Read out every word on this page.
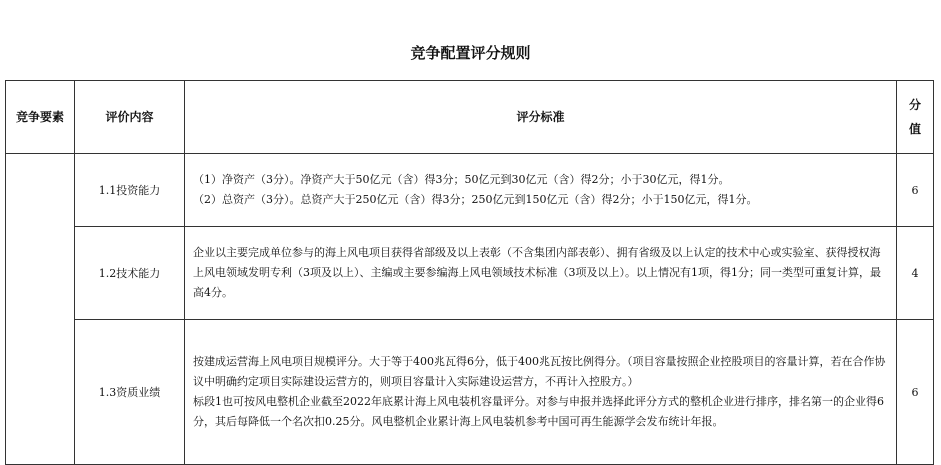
竞争配置评分规则
竞争要素	评价内容	评分标准	分值
	1.1投资能力	（1）净资产（3分）。净资产大于50亿元（含）得3分；50亿元到30亿元（含）得2分；小于30亿元，得1分。
（2）总资产（3分）。总资产大于250亿元（含）得3分；250亿元到150亿元（含）得2分；小于150亿元，得1分。	6
	1.2技术能力	企业以主要完成单位参与的海上风电项目获得省部级及以上表彰（不含集团内部表彰）、拥有省级及以上认定的技术中心或实验室、获得授权海上风电领域发明专利（3项及以上）、主编或主要参编海上风电领域技术标准（3项及以上）。以上情况有1项，得1分；同一类型可重复计算，最高4分。	4
	1.3资质业绩	按建成运营海上风电项目规模评分。大于等于400兆瓦得6分，低于400兆瓦按比例得分。（项目容量按照企业控股项目的容量计算，若在合作协议中明确约定项目实际建设运营方的，则项目容量计入实际建设运营方，不再计入控股方。）
标段1也可按风电整机企业截至2022年底累计海上风电装机容量评分。对参与申报并选择此评分方式的整机企业进行排序，排名第一的企业得6分，其后每降低一个名次扣0.25分。风电整机企业累计海上风电装机参考中国可再生能源学会发布统计年报。	6
